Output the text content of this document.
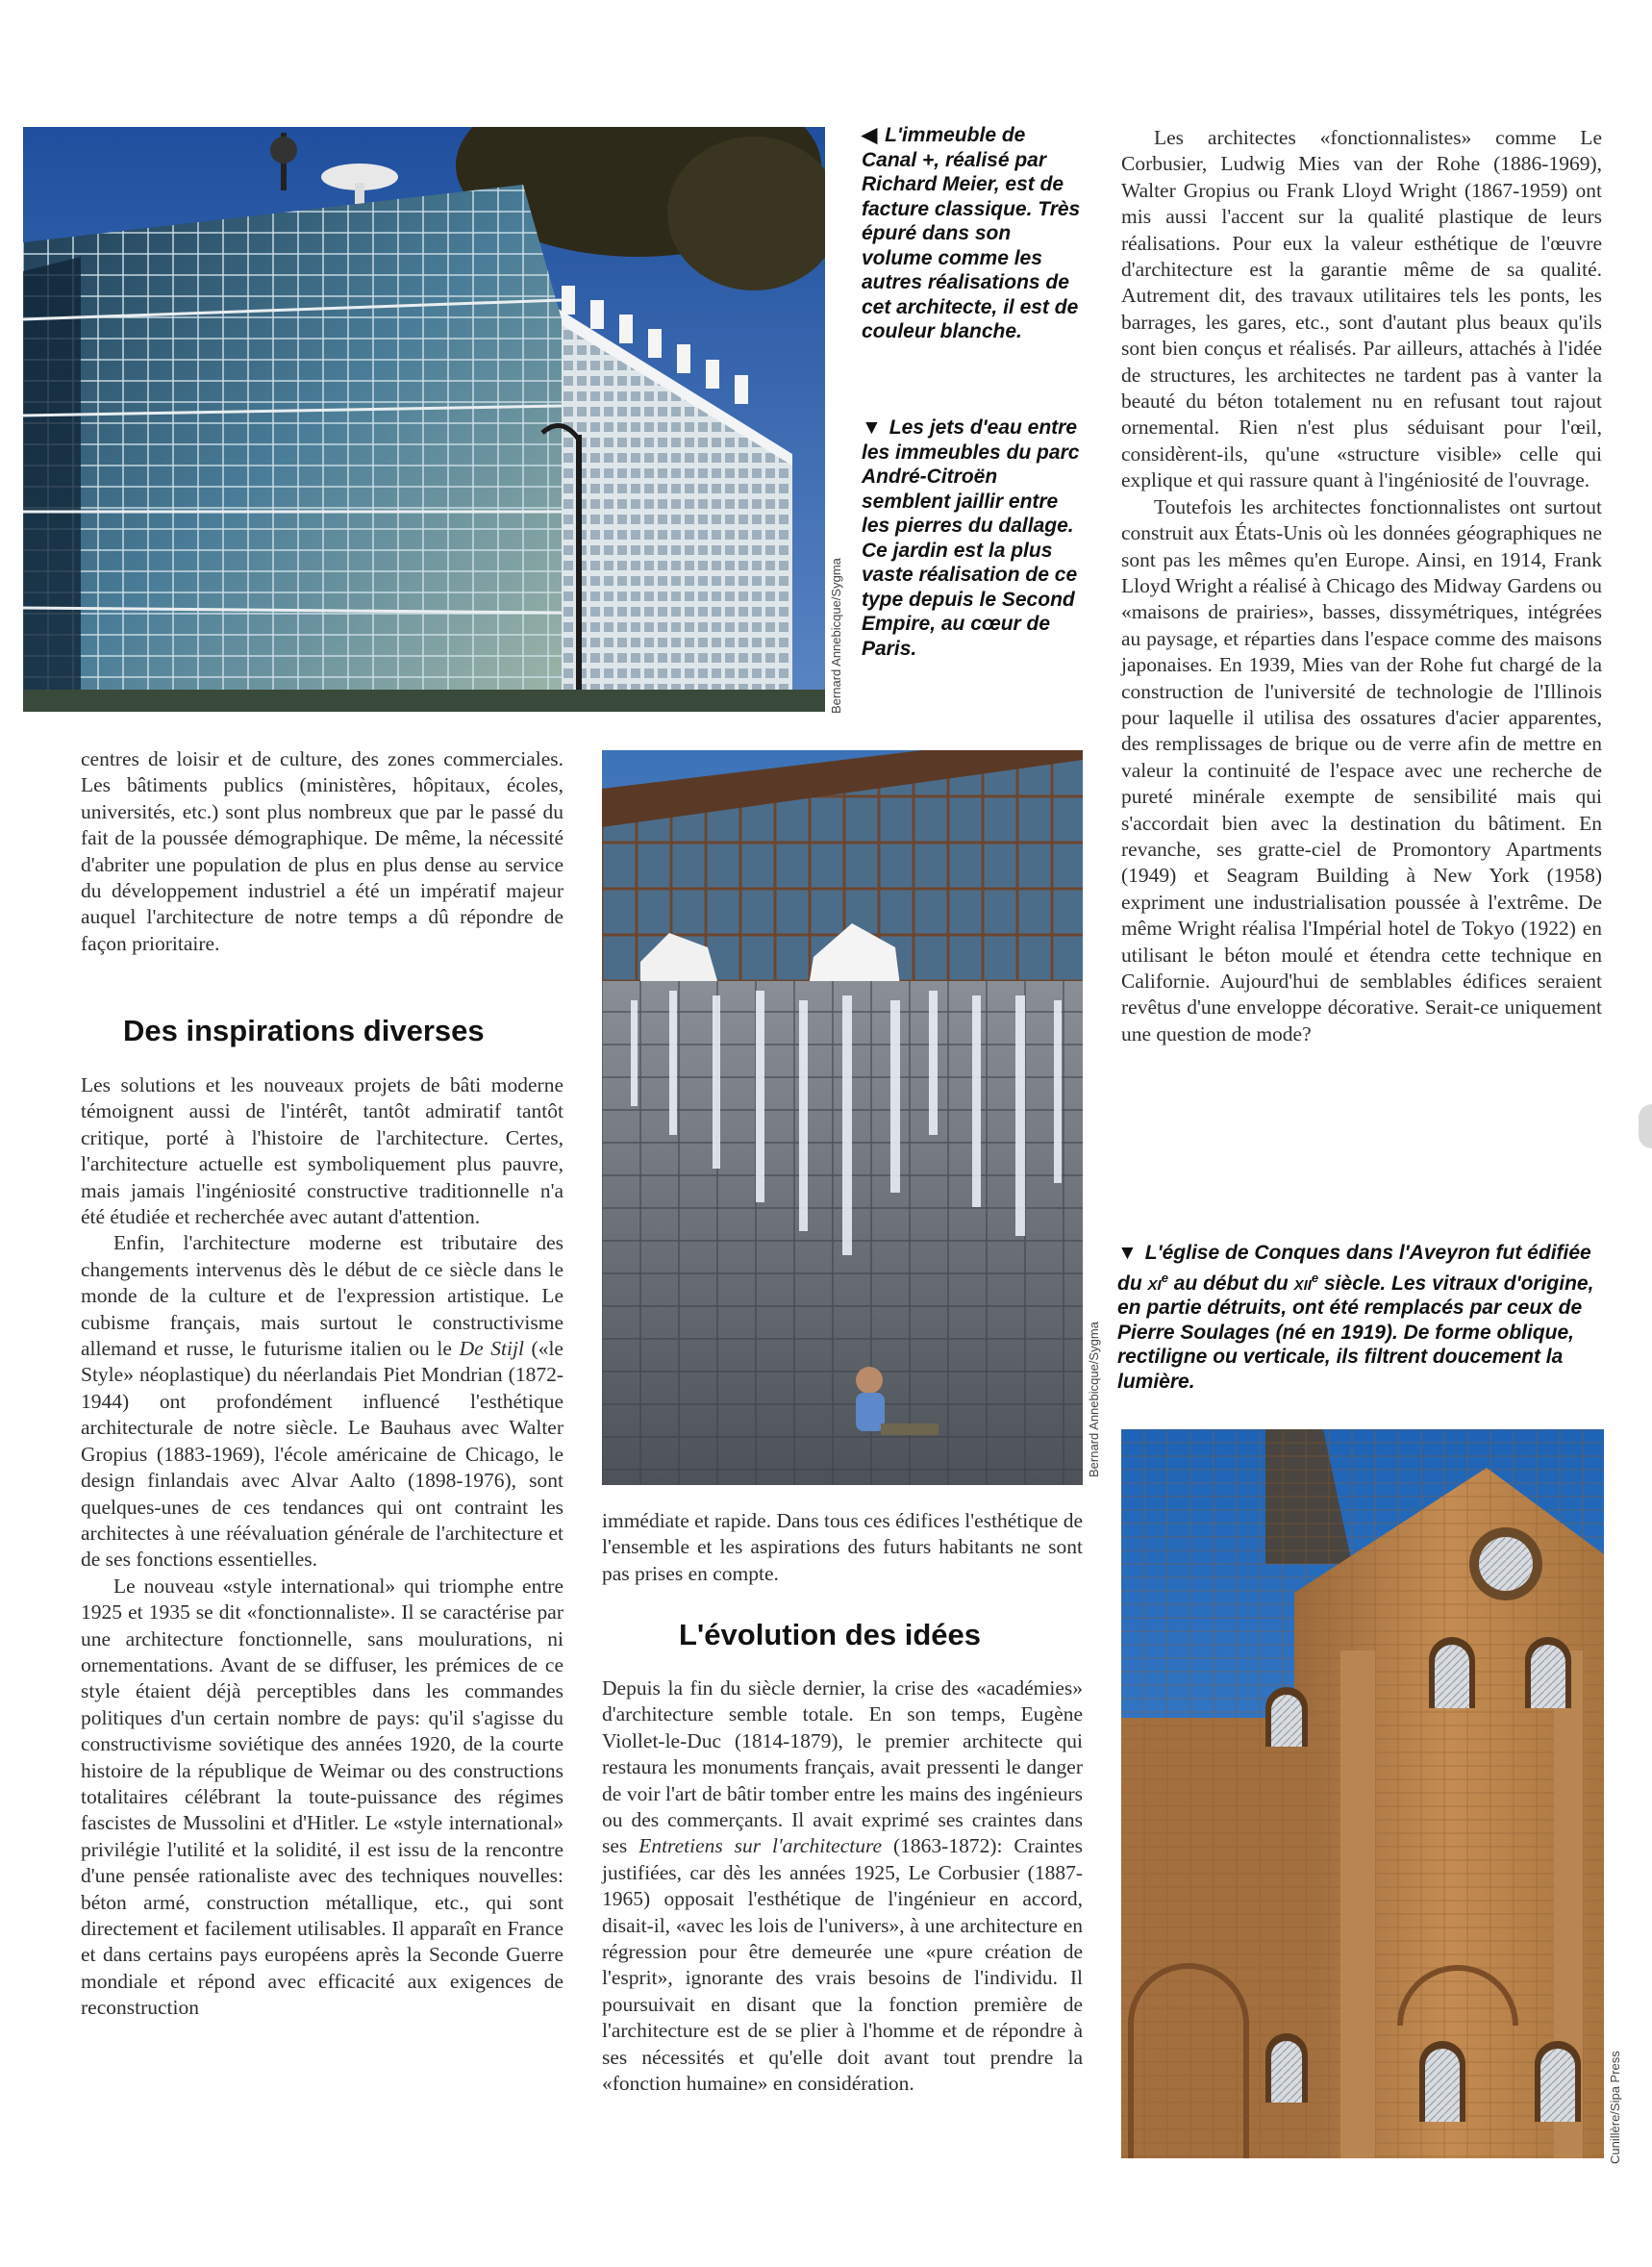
Bernard Annebicque/Sygma
◀ L'immeuble de Canal +, réalisé par Richard Meier, est de facture classique. Très épuré dans son volume comme les autres réalisations de cet architecte, il est de couleur blanche.
▼ Les jets d'eau entre les immeubles du parc André-Citroën semblent jaillir entre les pierres du dallage.
Ce jardin est la plus vaste réalisation de ce type depuis le Second Empire, au cœur de Paris.

Les architectes «fonctionnalistes» comme Le Corbusier, Ludwig Mies van der Rohe (1886-1969), Walter Gropius ou Frank Lloyd Wright (1867-1959) ont mis aussi l'accent sur la qualité plastique de leurs réalisations. Pour eux la valeur esthétique de l'œuvre d'architecture est la garantie même de sa qualité. Autrement dit, des travaux utilitaires tels les ponts, les barrages, les gares, etc., sont d'autant plus beaux qu'ils sont bien conçus et réalisés. Par ailleurs, attachés à l'idée de structures, les architectes ne tardent pas à vanter la beauté du béton totalement nu en refusant tout rajout ornemental. Rien n'est plus séduisant pour l'œil, considèrent-ils, qu'une «structure visible» celle qui explique et qui rassure quant à l'ingéniosité de l'ouvrage.

Toutefois les architectes fonctionnalistes ont surtout construit aux États-Unis où les données géographiques ne sont pas les mêmes qu'en Europe. Ainsi, en 1914, Frank Lloyd Wright a réalisé à Chicago des Midway Gardens ou «maisons de prairies», basses, dissymétriques, intégrées au paysage, et réparties dans l'espace comme des maisons japonaises. En 1939, Mies van der Rohe fut chargé de la construction de l'université de technologie de l'Illinois pour laquelle il utilisa des ossatures d'acier apparentes, des remplissages de brique ou de verre afin de mettre en valeur la continuité de l'espace avec une recherche de pureté minérale exempte de sensibilité mais qui s'accordait bien avec la destination du bâtiment. En revanche, ses gratte-ciel de Promontory Apartments (1949) et Seagram Building à New York (1958) expriment une industrialisation poussée à l'extrême. De même Wright réalisa l'Impérial hotel de Tokyo (1922) en utilisant le béton moulé et étendra cette technique en Californie. Aujourd'hui de semblables édifices seraient revêtus d'une enveloppe décorative. Serait-ce uniquement une question de mode?

centres de loisir et de culture, des zones commerciales. Les bâtiments publics (ministères, hôpitaux, écoles, universités, etc.) sont plus nombreux que par le passé du fait de la poussée démographique. De même, la nécessité d'abriter une population de plus en plus dense au service du développement industriel a été un impératif majeur auquel l'architecture de notre temps a dû répondre de façon prioritaire.

Des inspirations diverses

Les solutions et les nouveaux projets de bâti moderne témoignent aussi de l'intérêt, tantôt admiratif tantôt critique, porté à l'histoire de l'architecture. Certes, l'architecture actuelle est symboliquement plus pauvre, mais jamais l'ingéniosité constructive traditionnelle n'a été étudiée et recherchée avec autant d'attention.

Enfin, l'architecture moderne est tributaire des changements intervenus dès le début de ce siècle dans le monde de la culture et de l'expression artistique. Le cubisme français, mais surtout le constructivisme allemand et russe, le futurisme italien ou le De Stijl («le Style» néoplastique) du néerlandais Piet Mondrian (1872-1944) ont profondément influencé l'esthétique architecturale de notre siècle. Le Bauhaus avec Walter Gropius (1883-1969), l'école américaine de Chicago, le design finlandais avec Alvar Aalto (1898-1976), sont quelques-unes de ces tendances qui ont contraint les architectes à une réévaluation générale de l'architecture et de ses fonctions essentielles.

Le nouveau «style international» qui triomphe entre 1925 et 1935 se dit «fonctionnaliste». Il se caractérise par une architecture fonctionnelle, sans moulurations, ni ornementations. Avant de se diffuser, les prémices de ce style étaient déjà perceptibles dans les commandes politiques d'un certain nombre de pays: qu'il s'agisse du constructivisme soviétique des années 1920, de la courte histoire de la république de Weimar ou des constructions totalitaires célébrant la toute-puissance des régimes fascistes de Mussolini et d'Hitler. Le «style international» privilégie l'utilité et la solidité, il est issu de la rencontre d'une pensée rationaliste avec des techniques nouvelles: béton armé, construction métallique, etc., qui sont directement et facilement utilisables. Il apparaît en France et dans certains pays européens après la Seconde Guerre mondiale et répond avec efficacité aux exigences de reconstruction

Bernard Annebicque/Sygma

immédiate et rapide. Dans tous ces édifices l'esthétique de l'ensemble et les aspirations des futurs habitants ne sont pas prises en compte.

L'évolution des idées

Depuis la fin du siècle dernier, la crise des «académies» d'architecture semble totale. En son temps, Eugène Viollet-le-Duc (1814-1879), le premier architecte qui restaura les monuments français, avait pressenti le danger de voir l'art de bâtir tomber entre les mains des ingénieurs ou des commerçants. Il avait exprimé ses craintes dans ses Entretiens sur l'architecture (1863-1872): Craintes justifiées, car dès les années 1925, Le Corbusier (1887-1965) opposait l'esthétique de l'ingénieur en accord, disait-il, «avec les lois de l'univers», à une architecture en régression pour être demeurée une «pure création de l'esprit», ignorante des vrais besoins de l'individu. Il poursuivait en disant que la fonction première de l'architecture est de se plier à l'homme et de répondre à ses nécessités et qu'elle doit avant tout prendre la «fonction humaine» en considération.

▼ L'église de Conques dans l'Aveyron fut édifiée du $xi^e$ au début du xii$^e$ siècle. Les vitraux d'origine, en partie détruits, ont été remplacés par ceux de Pierre Soulages (né en 1919). De forme oblique, rectiligne ou verticale, ils filtrent doucement la lumière.
Cunillère/Sipa Press
